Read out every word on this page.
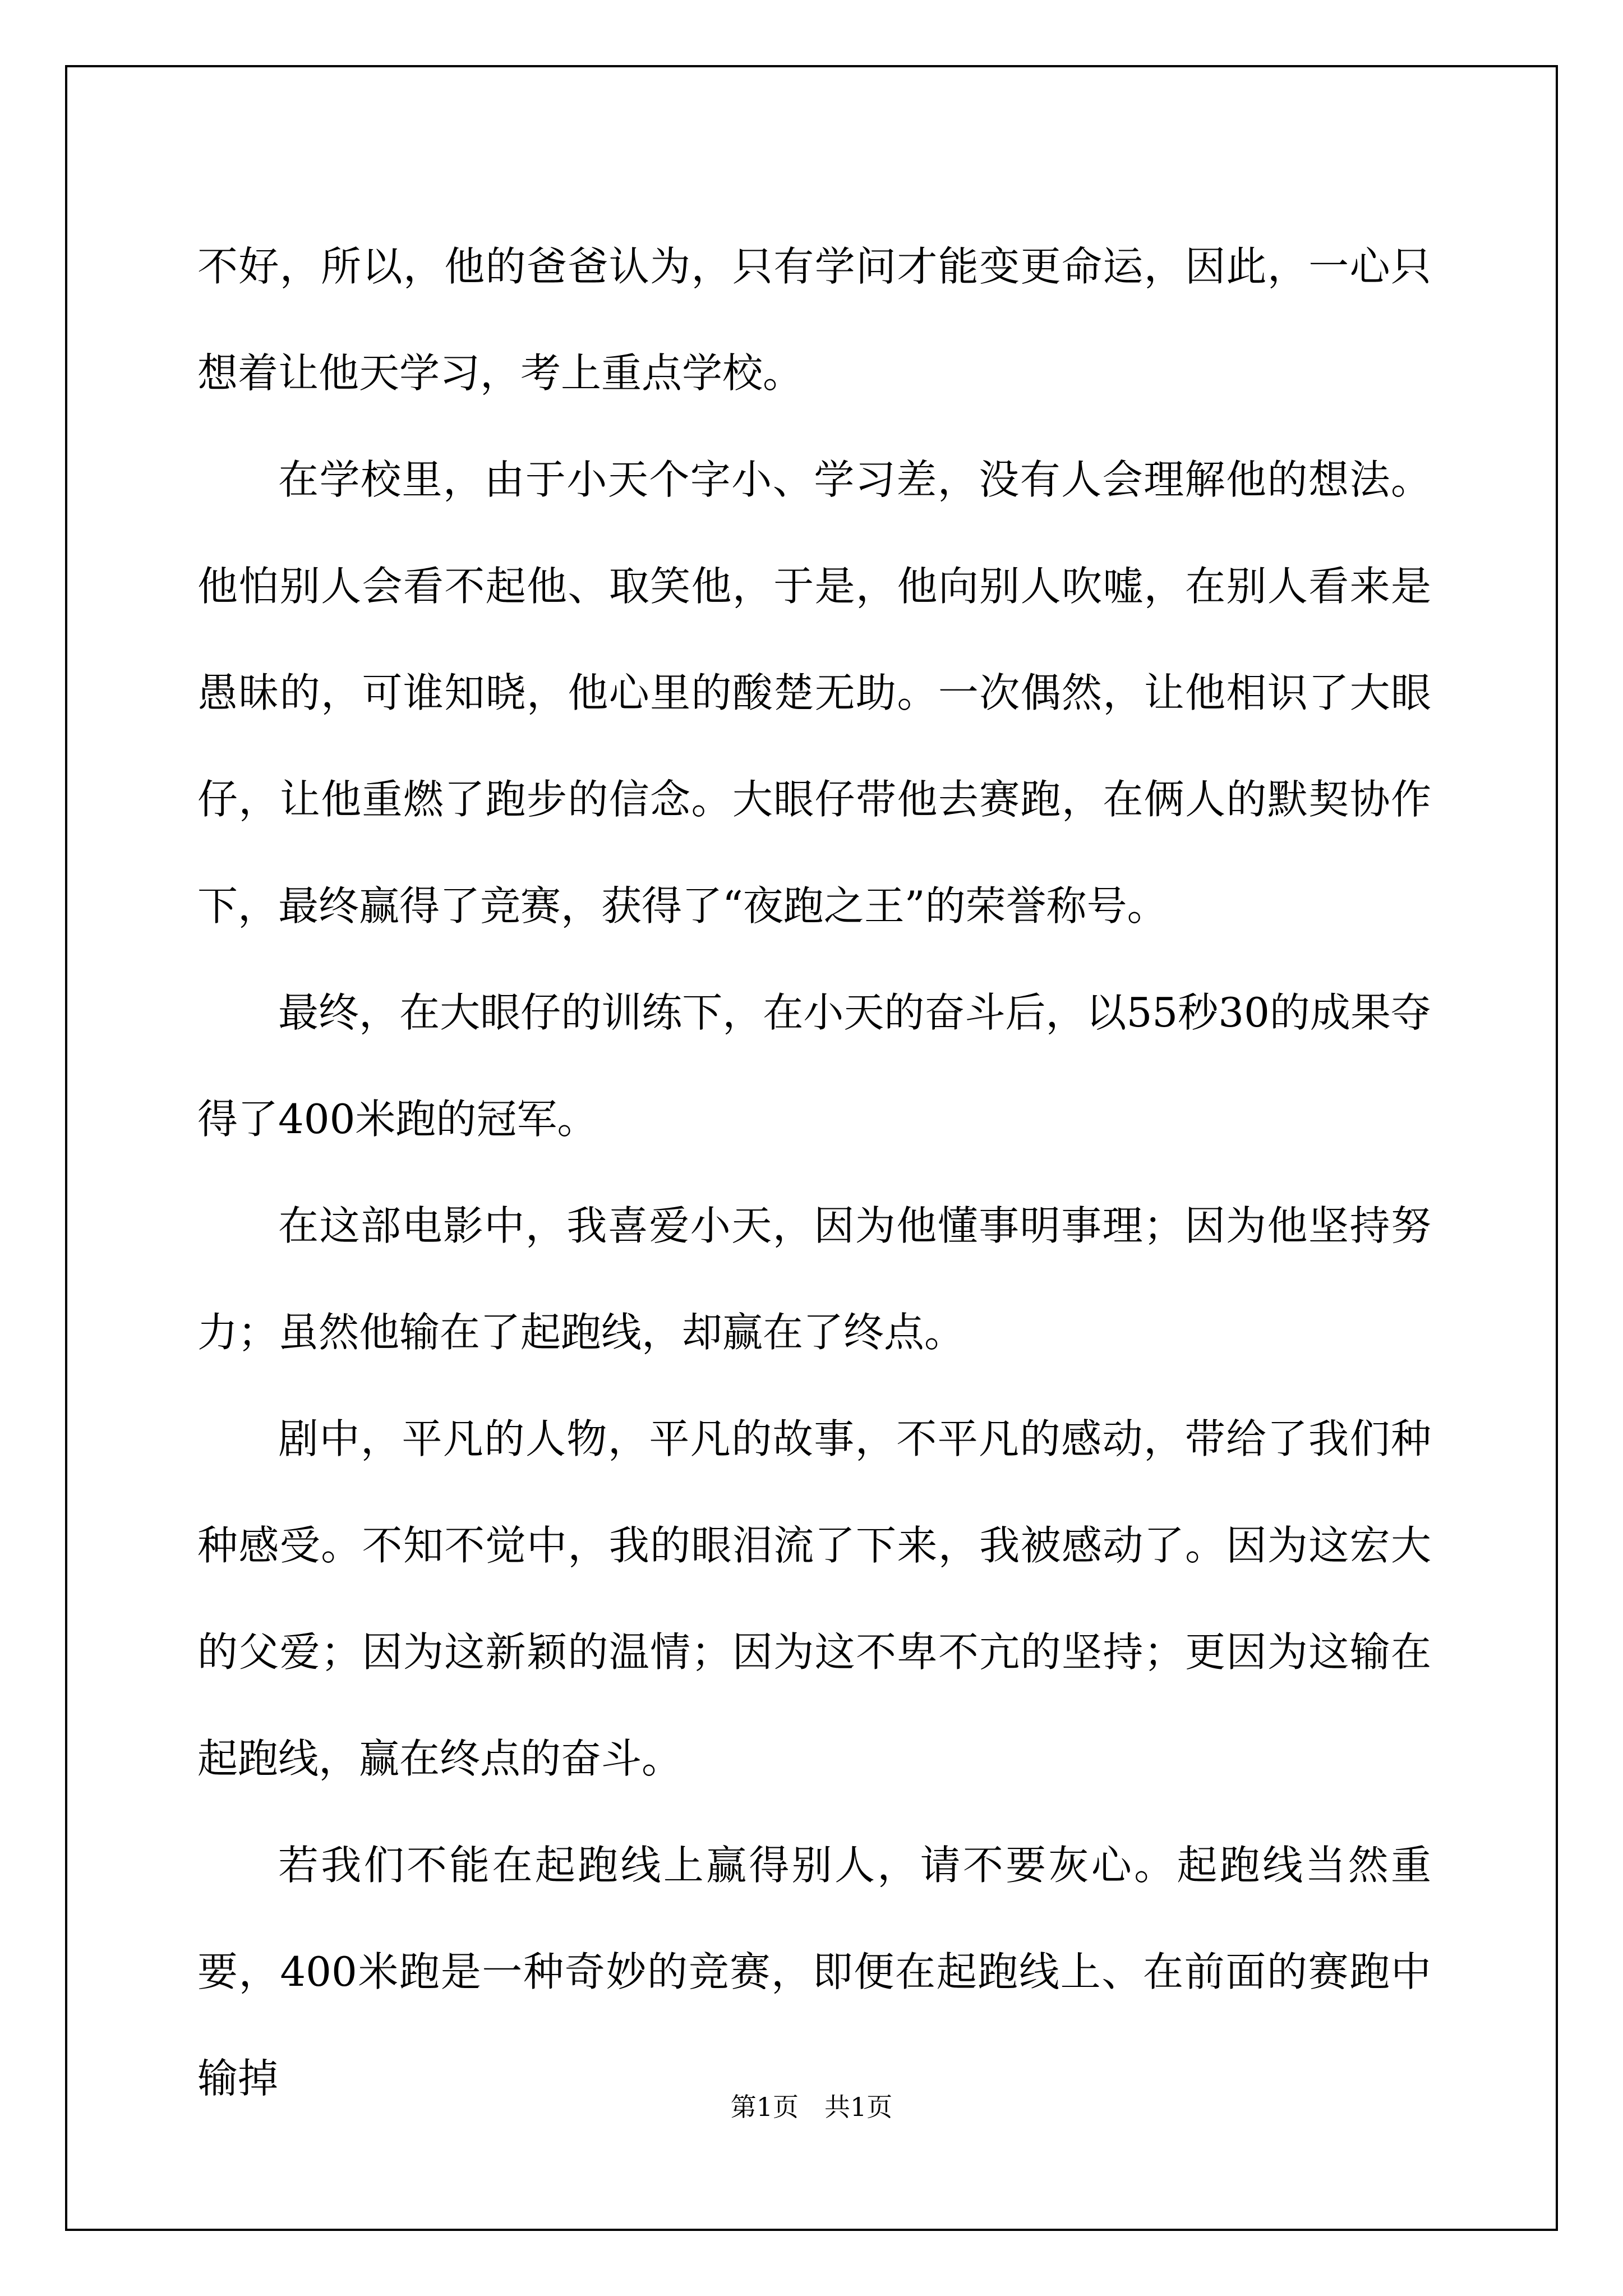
不好，所以，他的爸爸认为，只有学问才能变更命运，因此，一心只想着让他天学习，考上重点学校。

在学校里，由于小天个字小、学习差，没有人会理解他的想法。他怕别人会看不起他、取笑他，于是，他向别人吹嘘，在别人看来是愚昧的，可谁知晓，他心里的酸楚无助。一次偶然，让他相识了大眼仔，让他重燃了跑步的信念。大眼仔带他去赛跑，在俩人的默契协作下，最终赢得了竞赛，获得了“夜跑之王”的荣誉称号。

最终，在大眼仔的训练下，在小天的奋斗后，以55秒30的成果夺得了400米跑的冠军。

在这部电影中，我喜爱小天，因为他懂事明事理；因为他坚持努力；虽然他输在了起跑线，却赢在了终点。

剧中，平凡的人物，平凡的故事，不平凡的感动，带给了我们种种感受。不知不觉中，我的眼泪流了下来，我被感动了。因为这宏大的父爱；因为这新颖的温情；因为这不卑不亢的坚持；更因为这输在起跑线，赢在终点的奋斗。

若我们不能在起跑线上赢得别人，请不要灰心。起跑线当然重要，400米跑是一种奇妙的竞赛，即便在起跑线上、在前面的赛跑中输掉

第1页　共1页
